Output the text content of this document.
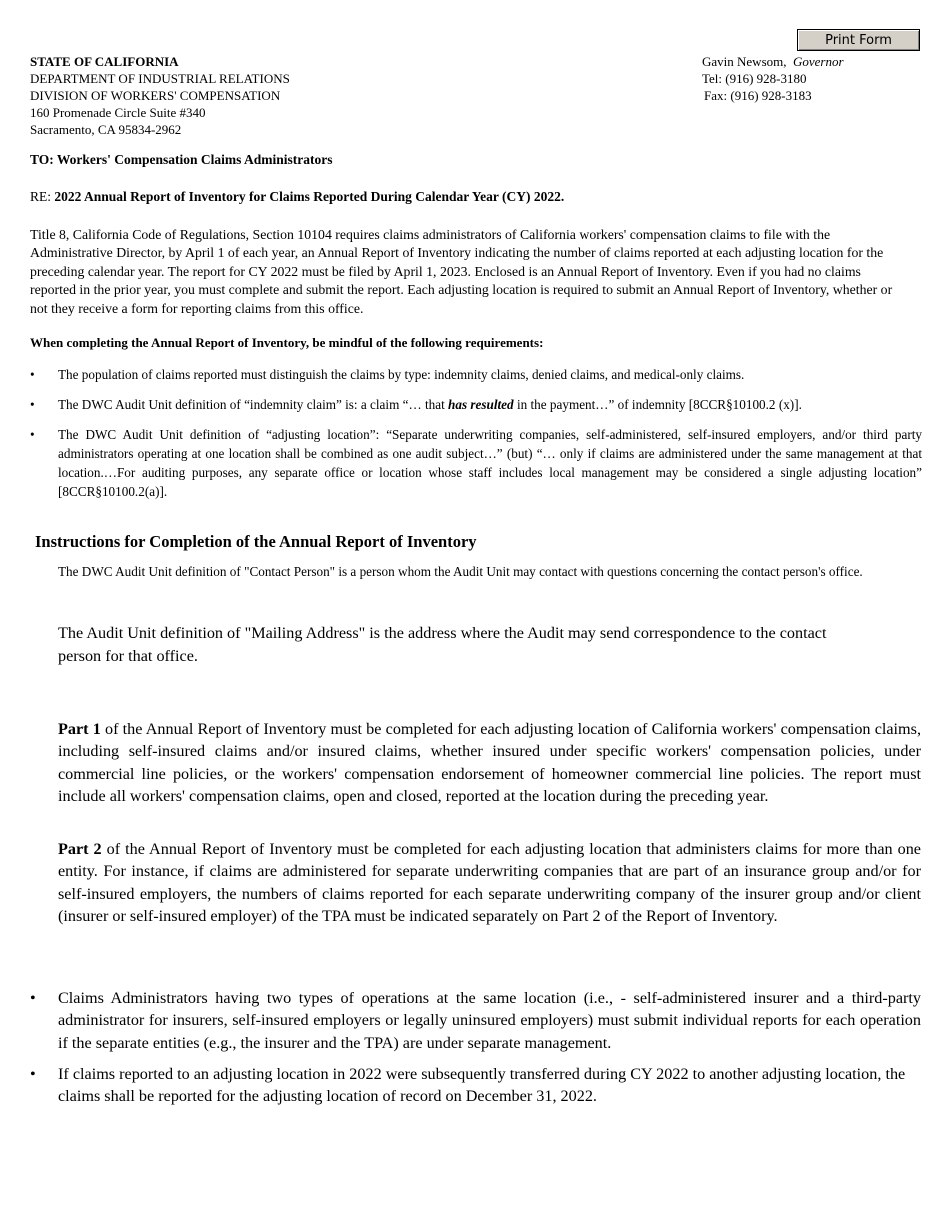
Print Form
STATE OF CALIFORNIA
DEPARTMENT OF INDUSTRIAL RELATIONS
DIVISION OF WORKERS' COMPENSATION
160 Promenade Circle Suite #340
Sacramento, CA 95834-2962
Gavin Newsom, Governor
Tel: (916) 928-3180
Fax: (916) 928-3183
TO: Workers' Compensation Claims Administrators
RE: 2022 Annual Report of Inventory for Claims Reported During Calendar Year (CY) 2022.
Title 8, California Code of Regulations, Section 10104 requires claims administrators of California workers' compensation claims to file with the Administrative Director, by April 1 of each year, an Annual Report of Inventory indicating the number of claims reported at each adjusting location for the preceding calendar year. The report for CY 2022 must be filed by April 1, 2023. Enclosed is an Annual Report of Inventory. Even if you had no claims reported in the prior year, you must complete and submit the report. Each adjusting location is required to submit an Annual Report of Inventory, whether or not they receive a form for reporting claims from this office.
When completing the Annual Report of Inventory, be mindful of the following requirements:
• The population of claims reported must distinguish the claims by type: indemnity claims, denied claims, and medical-only claims.
• The DWC Audit Unit definition of “indemnity claim” is: a claim “… that has resulted in the payment…” of indemnity [8CCR§10100.2 (x)].
• The DWC Audit Unit definition of “adjusting location”: “Separate underwriting companies, self-administered, self-insured employers, and/or third party administrators operating at one location shall be combined as one audit subject…” (but) “… only if claims are administered under the same management at that location.…For auditing purposes, any separate office or location whose staff includes local management may be considered a single adjusting location” [8CCR§10100.2(a)].
Instructions for Completion of the Annual Report of Inventory
The DWC Audit Unit definition of "Contact Person" is a person whom the Audit Unit may contact with questions concerning the contact person's office.
The Audit Unit definition of "Mailing Address" is the address where the Audit may send correspondence to the contact person for that office.
Part 1 of the Annual Report of Inventory must be completed for each adjusting location of California workers' compensation claims, including self-insured claims and/or insured claims, whether insured under specific workers' compensation policies, under commercial line policies, or the workers' compensation endorsement of homeowner commercial line policies. The report must include all workers' compensation claims, open and closed, reported at the location during the preceding year.
Part 2 of the Annual Report of Inventory must be completed for each adjusting location that administers claims for more than one entity. For instance, if claims are administered for separate underwriting companies that are part of an insurance group and/or for self-insured employers, the numbers of claims reported for each separate underwriting company of the insurer group and/or client (insurer or self-insured employer) of the TPA must be indicated separately on Part 2 of the Report of Inventory.
• Claims Administrators having two types of operations at the same location (i.e., - self-administered insurer and a third-party administrator for insurers, self-insured employers or legally uninsured employers) must submit individual reports for each operation if the separate entities (e.g., the insurer and the TPA) are under separate management.
• If claims reported to an adjusting location in 2022 were subsequently transferred during CY 2022 to another adjusting location, the claims shall be reported for the adjusting location of record on December 31, 2022.
